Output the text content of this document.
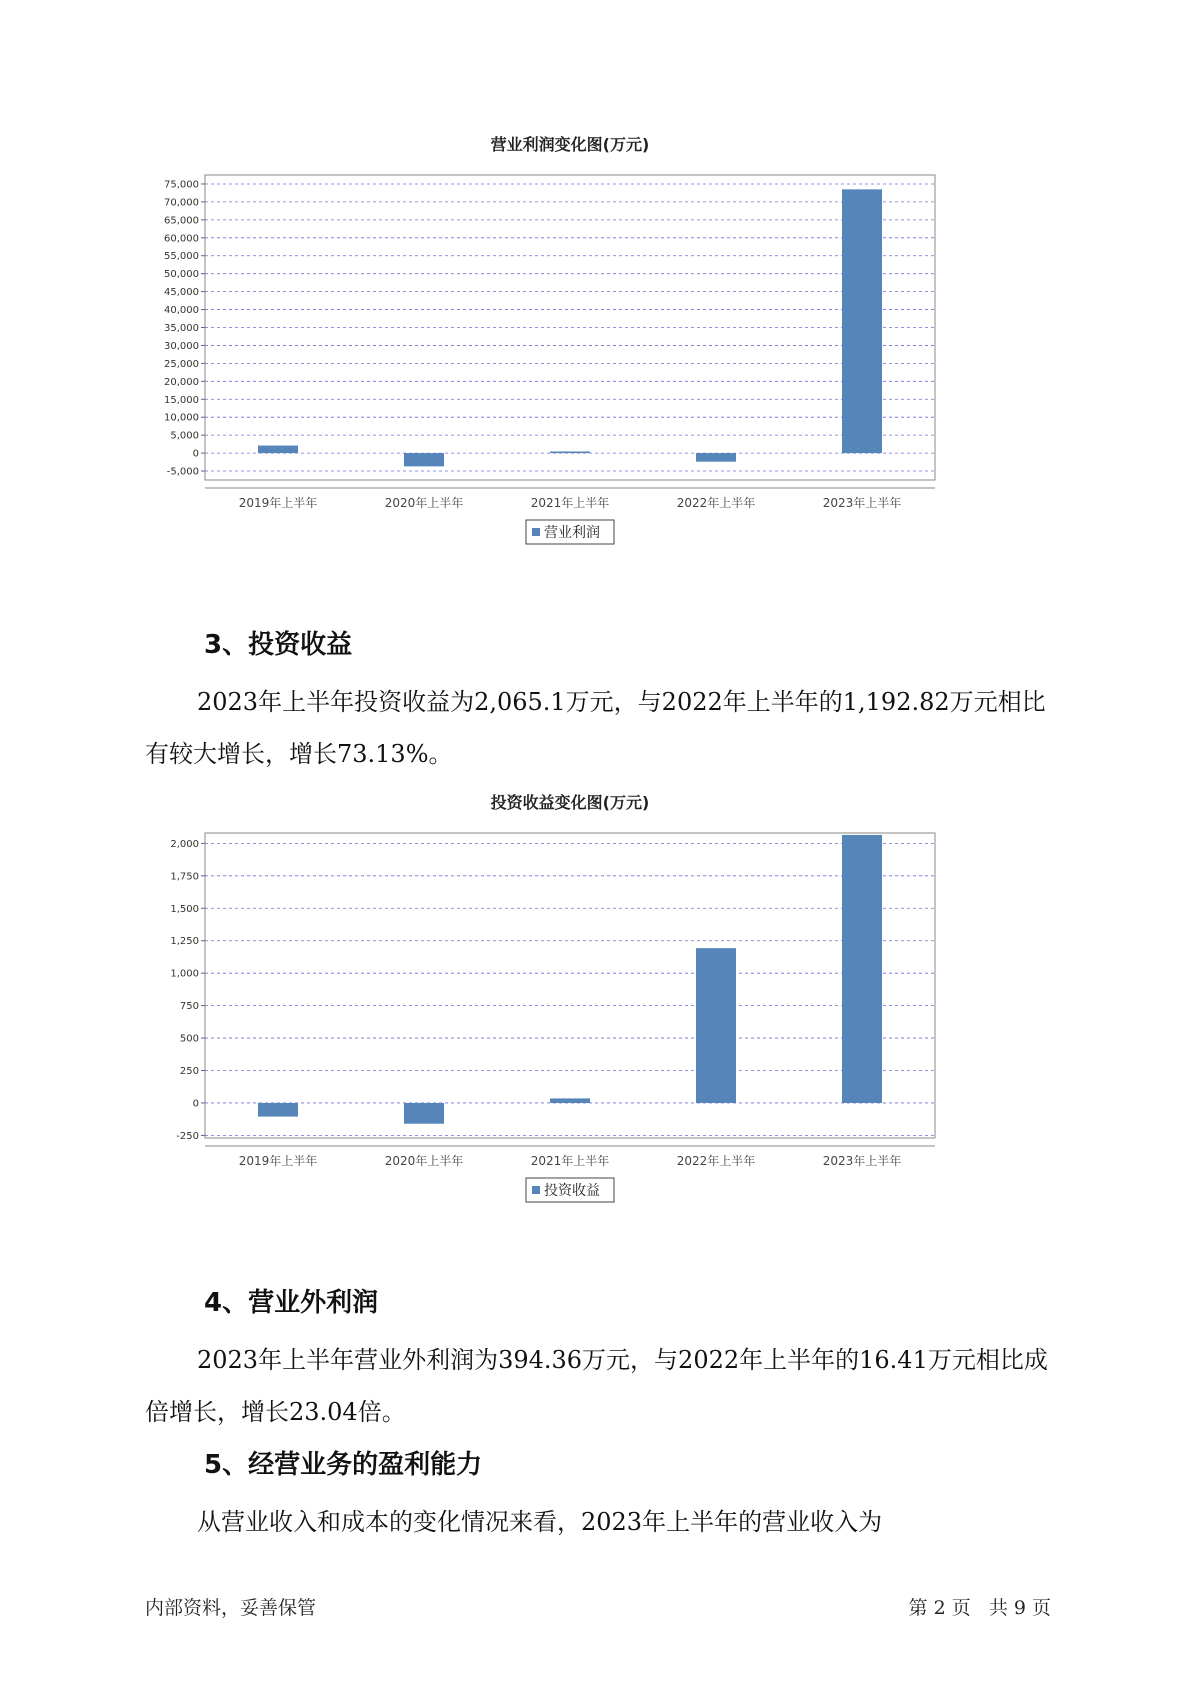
营业利润变化图(万元)
75,000
70,000
65,000
60,000
55,000
50,000
45,000
40,000
35,000
30,000
25,000
20,000
15,000
10,000
5,000
0
-5,000
2019年上半年	2020年上半年	2021年上半年	2022年上半年	2023年上半年
营业利润
3、投资收益

2023年上半年投资收益为2,065.1万元，与2022年上半年的1,192.82万元相比有较大增长，增长73.13%。

投资收益变化图(万元)
2,000
1,750
1,500
1,250
1,000
750
500
250
0
-250
2019年上半年	2020年上半年	2021年上半年	2022年上半年	2023年上半年
投资收益
4、营业外利润

2023年上半年营业外利润为394.36万元，与2022年上半年的16.41万元相比成倍增长，增长23.04倍。

5、经营业务的盈利能力

从营业收入和成本的变化情况来看，2023年上半年的营业收入为

内部资料，妥善保管	第 2 页   共 9 页
